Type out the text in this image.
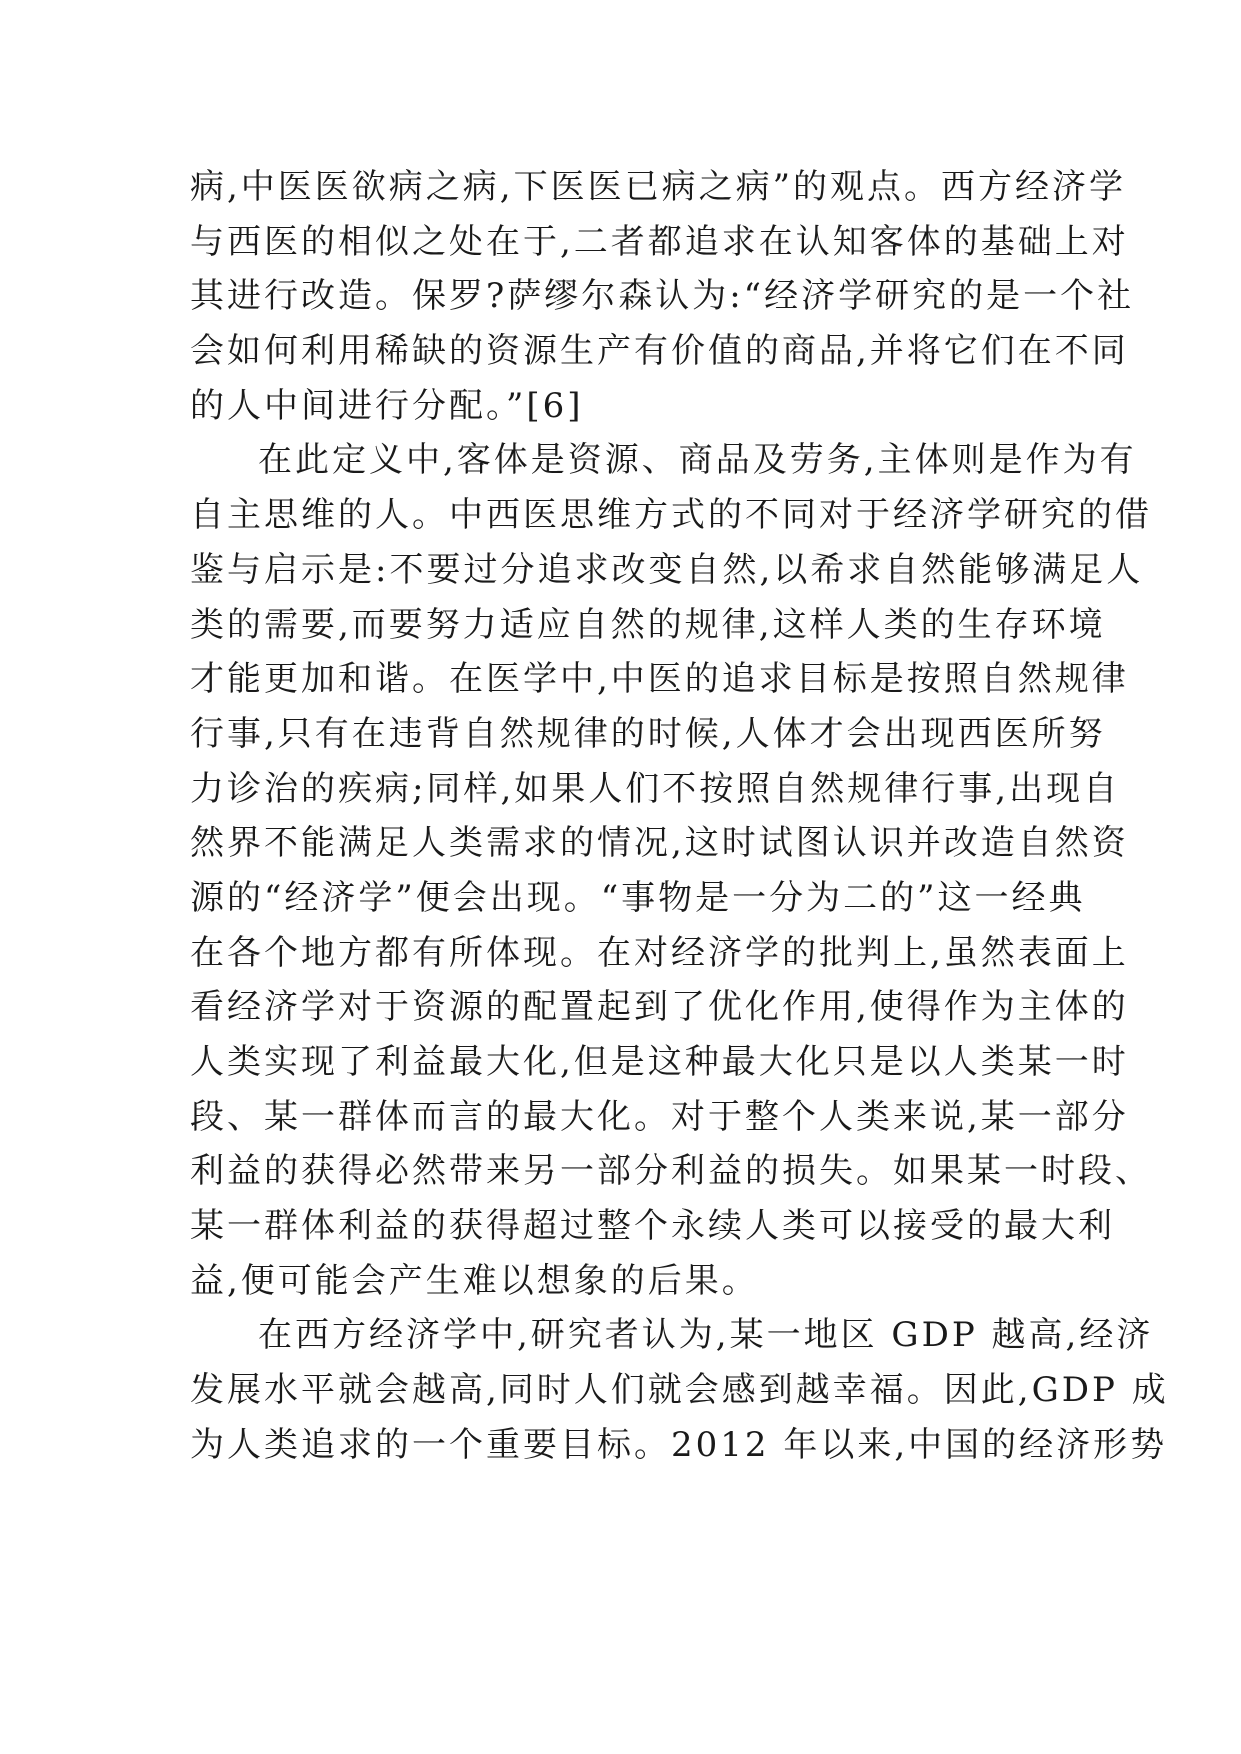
病,中医医欲病之病,下医医已病之病”的观点。西方经济学
与西医的相似之处在于,二者都追求在认知客体的基础上对
其进行改造。保罗?萨缪尔森认为:“经济学研究的是一个社
会如何利用稀缺的资源生产有价值的商品,并将它们在不同
的人中间进行分配。”[6]
在此定义中,客体是资源、商品及劳务,主体则是作为有
自主思维的人。中西医思维方式的不同对于经济学研究的借
鉴与启示是:不要过分追求改变自然,以希求自然能够满足人
类的需要,而要努力适应自然的规律,这样人类的生存环境
才能更加和谐。在医学中,中医的追求目标是按照自然规律
行事,只有在违背自然规律的时候,人体才会出现西医所努
力诊治的疾病;同样,如果人们不按照自然规律行事,出现自
然界不能满足人类需求的情况,这时试图认识并改造自然资
源的“经济学”便会出现。“事物是一分为二的”这一经典
在各个地方都有所体现。在对经济学的批判上,虽然表面上
看经济学对于资源的配置起到了优化作用,使得作为主体的
人类实现了利益最大化,但是这种最大化只是以人类某一时
段、某一群体而言的最大化。对于整个人类来说,某一部分
利益的获得必然带来另一部分利益的损失。如果某一时段、
某一群体利益的获得超过整个永续人类可以接受的最大利
益,便可能会产生难以想象的后果。
在西方经济学中,研究者认为,某一地区 GDP 越高,经济
发展水平就会越高,同时人们就会感到越幸福。因此,GDP 成
为人类追求的一个重要目标。2012 年以来,中国的经济形势
